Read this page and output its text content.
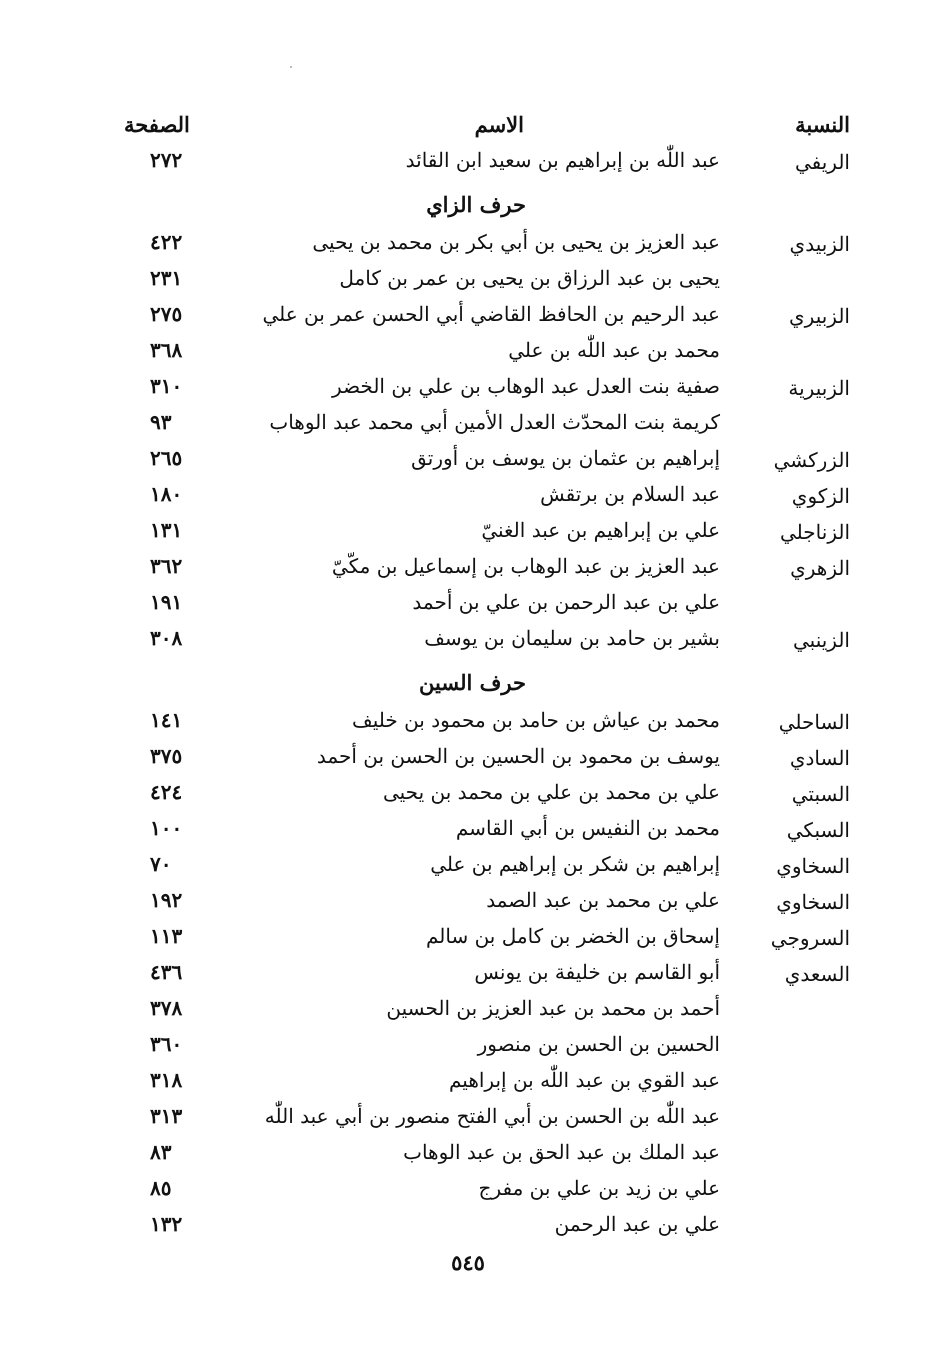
النسبة
الاسم
الصفحة
الريفي
عبد اللّٰه بن إبراهيم بن سعيد ابن القائد
٢٧٢
حرف الزاي
الزبيدي
عبد العزيز بن يحيى بن أبي بكر بن محمد بن يحيى
٤٢٢
يحيى بن عبد الرزاق بن يحيى بن عمر بن كامل
٢٣١
الزبيري
عبد الرحيم بن الحافظ القاضي أبي الحسن عمر بن علي
٢٧٥
محمد بن عبد اللّٰه بن علي
٣٦٨
الزبيرية
صفية بنت العدل عبد الوهاب بن علي بن الخضر
٣١٠
كريمة بنت المحدّث العدل الأمين أبي محمد عبد الوهاب
٩٣
الزركشي
إبراهيم بن عثمان بن يوسف بن أورتق
٢٦٥
الزكوي
عبد السلام بن برتقش
١٨٠
الزناجلي
علي بن إبراهيم بن عبد الغنيّ
١٣١
الزهري
عبد العزيز بن عبد الوهاب بن إسماعيل بن مكّيّ
٣٦٢
علي بن عبد الرحمن بن علي بن أحمد
١٩١
الزينبي
بشير بن حامد بن سليمان بن يوسف
٣٠٨
حرف السين
الساحلي
محمد بن عياش بن حامد بن محمود بن خليف
١٤١
السادي
يوسف بن محمود بن الحسين بن الحسن بن أحمد
٣٧٥
السبتي
علي بن محمد بن علي بن محمد بن يحيى
٤٢٤
السبكي
محمد بن النفيس بن أبي القاسم
١٠٠
السخاوي
إبراهيم بن شكر بن إبراهيم بن علي
٧٠
السخاوي
علي بن محمد بن عبد الصمد
١٩٢
السروجي
إسحاق بن الخضر بن كامل بن سالم
١١٣
السعدي
أبو القاسم بن خليفة بن يونس
٤٣٦
أحمد بن محمد بن عبد العزيز بن الحسين
٣٧٨
الحسين بن الحسن بن منصور
٣٦٠
عبد القوي بن عبد اللّٰه بن إبراهيم
٣١٨
عبد اللّٰه بن الحسن بن أبي الفتح منصور بن أبي عبد اللّٰه
٣١٣
عبد الملك بن عبد الحق بن عبد الوهاب
٨٣
علي بن زيد بن علي بن مفرج
٨٥
علي بن عبد الرحمن
١٣٢
٥٤٥
